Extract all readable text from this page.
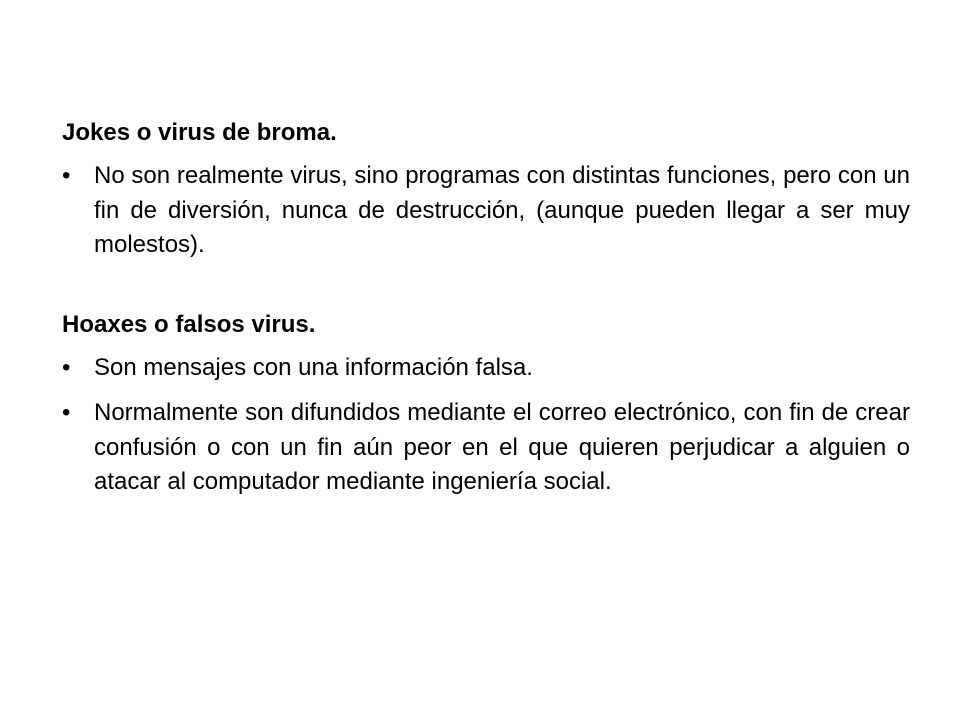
Jokes o virus de broma.
• No son realmente virus, sino programas con distintas funciones, pero con un fin de diversión, nunca de destrucción, (aunque pueden llegar a ser muy molestos).
Hoaxes o falsos virus.
• Son mensajes con una información falsa.
• Normalmente son difundidos mediante el correo electrónico, con fin de crear confusión o con un fin aún peor en el que quieren perjudicar a alguien o atacar al computador mediante ingeniería social.
